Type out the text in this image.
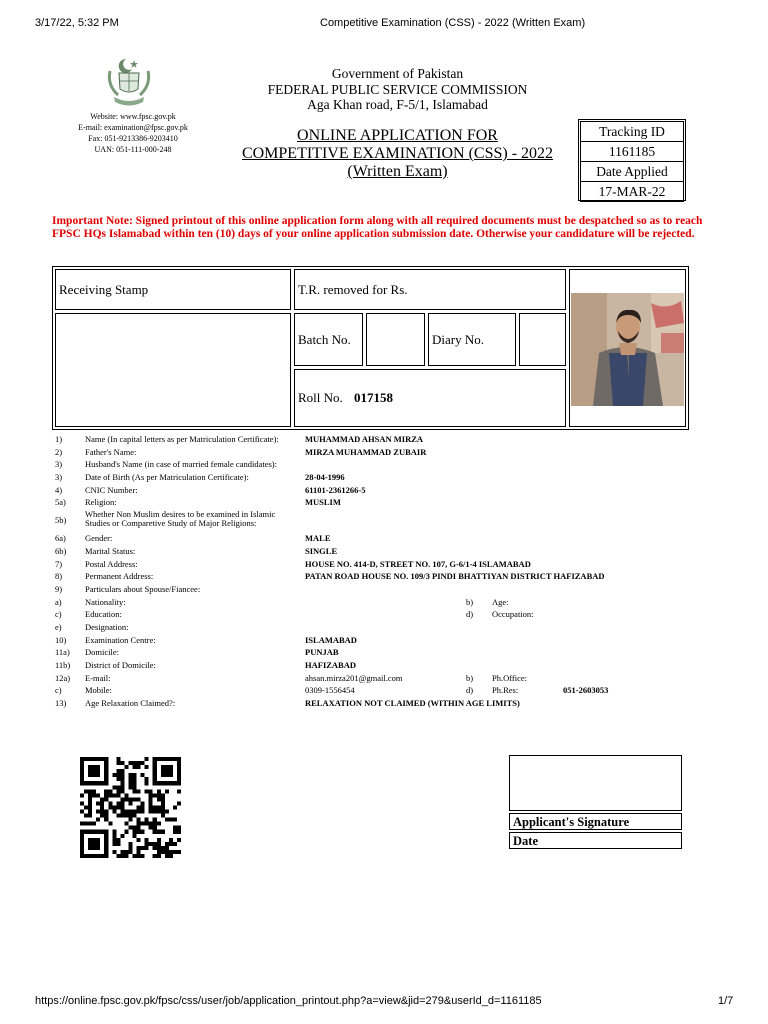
3/17/22, 5:32 PM	Competitive Examination (CSS) - 2022 (Written Exam)
Website: www.fpsc.gov.pk
E-mail: examination@fpsc.gov.pk
Fax: 051-9213386-9203410
UAN: 051-111-000-248
Government of Pakistan
FEDERAL PUBLIC SERVICE COMMISSION
Aga Khan road, F-5/1, Islamabad
ONLINE APPLICATION FOR
COMPETITIVE EXAMINATION (CSS) - 2022
(Written Exam)
Tracking ID
1161185
Date Applied
17-MAR-22
Important Note: Signed printout of this online application form along with all required documents must be despatched so as to reach FPSC HQs Islamabad within ten (10) days of your online application submission date. Otherwise your candidature will be rejected.
Receiving Stamp	T.R. removed for Rs.
Batch No.	Diary No.
Roll No. 017158
1)	Name (In capital letters as per Matriculation Certificate):	MUHAMMAD AHSAN MIRZA
2)	Father's Name:	MIRZA MUHAMMAD ZUBAIR
3)	Husband's Name (in case of married female candidates):
3)	Date of Birth (As per Matriculation Certificate):	28-04-1996
4)	CNIC Number:	61101-2361266-5
5a) Religion:	MUSLIM
5b)
Whether Non Muslim desires to be examined in Islamic
Studies or Comparetive Study of Major Religions:
6a) Gender:	MALE
6b) Marital Status:	SINGLE
7)	Postal Address:	HOUSE NO. 414-D, STREET NO. 107, G-6/1-4 ISLAMABAD
8)	Permanent Address:	PATAN ROAD HOUSE NO. 109/3 PINDI BHATTIYAN DISTRICT HAFIZABAD
9)	Particulars about Spouse/Fiancee:
a)	Nationality:	b) Age:
c)	Education:	d) Occupation:
e)	Designation:
10) Examination Centre:	ISLAMABAD
11a) Domicile:	PUNJAB
11b) District of Domicile:	HAFIZABAD
12a) E-mail:	ahsan.mirza201@gmail.com	b) Ph.Office:
c)	Mobile:	0309-1556454	d) Ph.Res:	051-2603053
13) Age Relaxation Claimed?:	RELAXATION NOT CLAIMED (WITHIN AGE LIMITS)
Applicant's Signature
Date
https://online.fpsc.gov.pk/fpsc/css/user/job/application_printout.php?a=view&jid=279&userId_d=1161185	1/7
